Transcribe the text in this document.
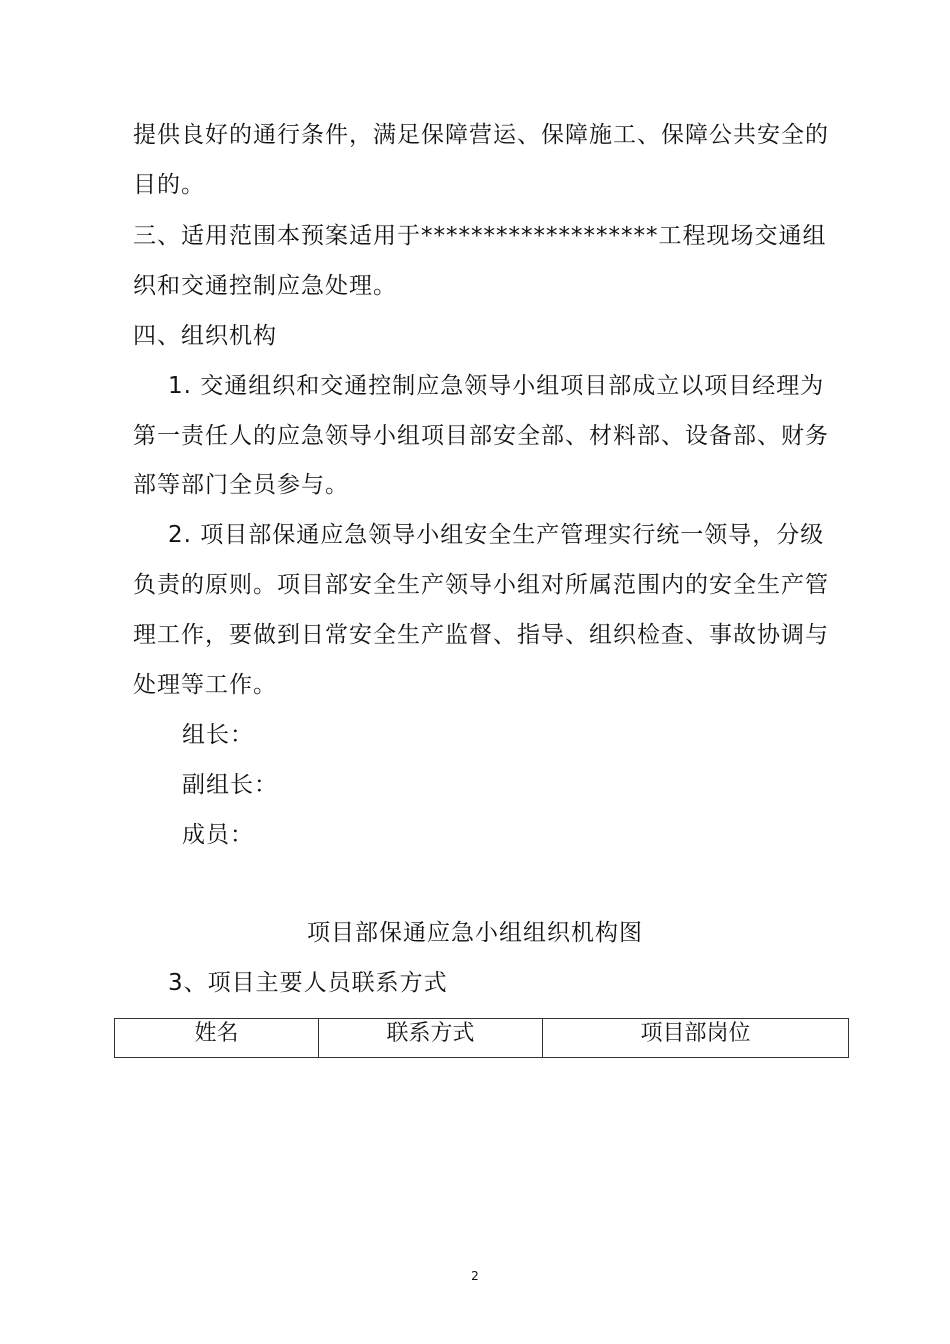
提供良好的通行条件，满足保障营运、保障施工、保障公共安全的
目的。
三、适用范围本预案适用于*******************工程现场交通组
织和交通控制应急处理。
四、组织机构
1. 交通组织和交通控制应急领导小组项目部成立以项目经理为
第一责任人的应急领导小组项目部安全部、材料部、设备部、财务
部等部门全员参与。
2. 项目部保通应急领导小组安全生产管理实行统一领导，分级
负责的原则。项目部安全生产领导小组对所属范围内的安全生产管
理工作，要做到日常安全生产监督、指导、组织检查、事故协调与
处理等工作。
组长：
副组长：
成员：
项目部保通应急小组组织机构图
3、项目主要人员联系方式
姓名	联系方式	项目部岗位
2
